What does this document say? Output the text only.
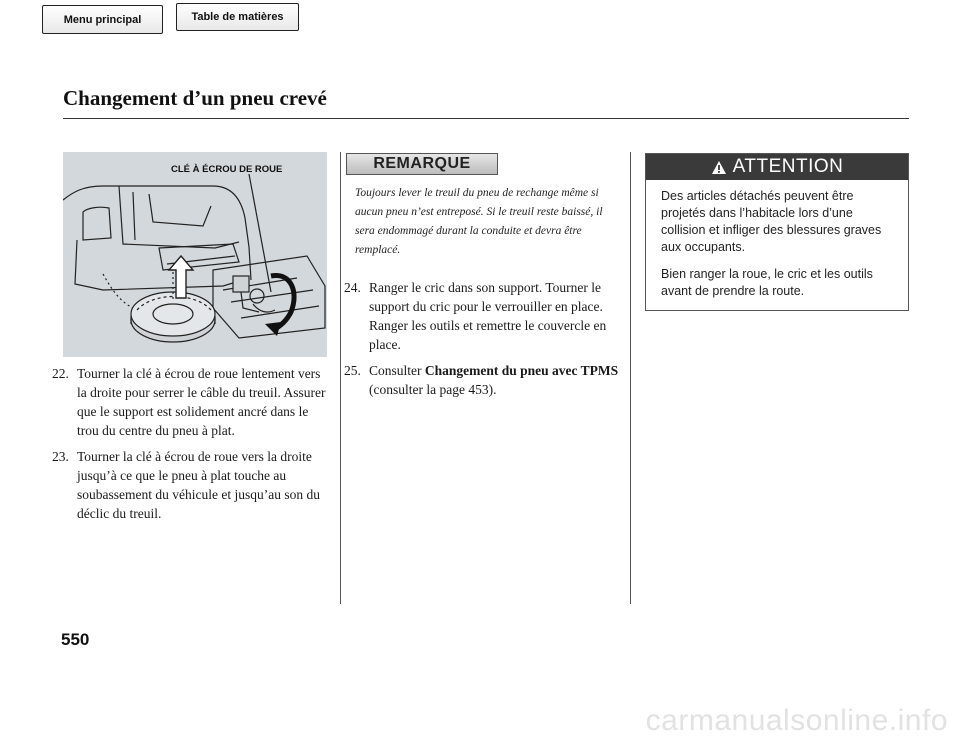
Menu principal	Table de matières
Changement d’un pneu crevé
CLÉ À ÉCROU DE ROUE
22. Tourner la clé à écrou de roue lentement vers la droite pour serrer le câble du treuil. Assurer que le support est solidement ancré dans le trou du centre du pneu à plat.
23. Tourner la clé à écrou de roue vers la droite jusqu’à ce que le pneu à plat touche au soubassement du véhicule et jusqu’au son du déclic du treuil.
REMARQUE
Toujours lever le treuil du pneu de rechange même si aucun pneu n’est entreposé. Si le treuil reste baissé, il sera endommagé durant la conduite et devra être remplacé.
24. Ranger le cric dans son support. Tourner le support du cric pour le verrouiller en place. Ranger les outils et remettre le couvercle en place.
25. Consulter Changement du pneu avec TPMS (consulter la page 453).
ATTENTION

Des articles détachés peuvent être projetés dans l’habitacle lors d’une collision et infliger des blessures graves aux occupants.

Bien ranger la roue, le cric et les outils avant de prendre la route.

550
carmanualsonline.info
